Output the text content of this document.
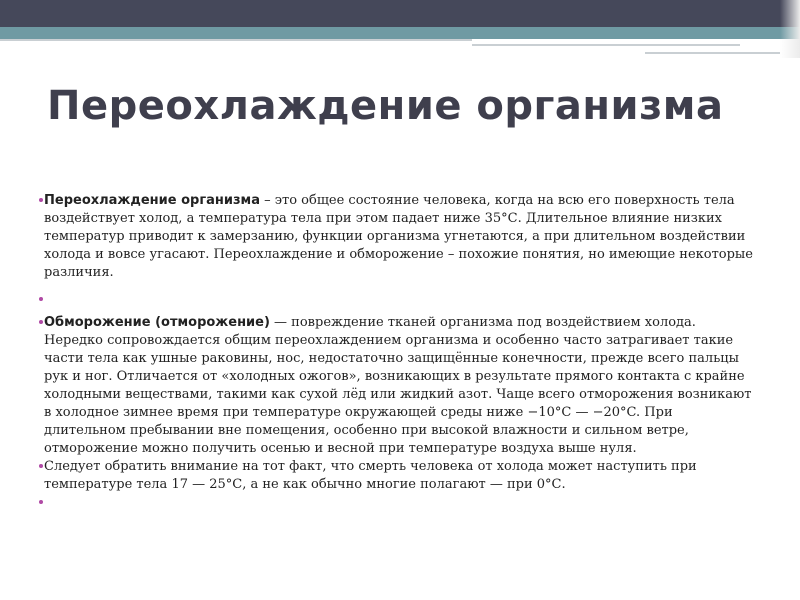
Переохлаждение организма

Переохлаждение организма – это общее состояние человека, когда на всю его поверхность тела воздействует холод, а температура тела при этом падает ниже 35°С. Длительное влияние низких температур приводит к замерзанию, функции организма угнетаются, а при длительном воздействии холода и вовсе угасают. Переохлаждение и обморожение – похожие понятия, но имеющие некоторые различия.

Обморожение (отморожение) — повреждение тканей организма под воздействием холода. Нередко сопровождается общим переохлаждением организма и особенно часто затрагивает такие части тела как ушные раковины, нос, недостаточно защищённые конечности, прежде всего пальцы рук и ног. Отличается от «холодных ожогов», возникающих в результате прямого контакта с крайне холодными веществами, такими как сухой лёд или жидкий азот. Чаще всего отморожения возникают в холодное зимнее время при температуре окружающей среды ниже −10°C — −20°C. При длительном пребывании вне помещения, особенно при высокой влажности и сильном ветре, отморожение можно получить осенью и весной при температуре воздуха выше нуля.

Следует обратить внимание на тот факт, что смерть человека от холода может наступить при температуре тела 17 — 25°С, а не как обычно многие полагают — при 0°С.
